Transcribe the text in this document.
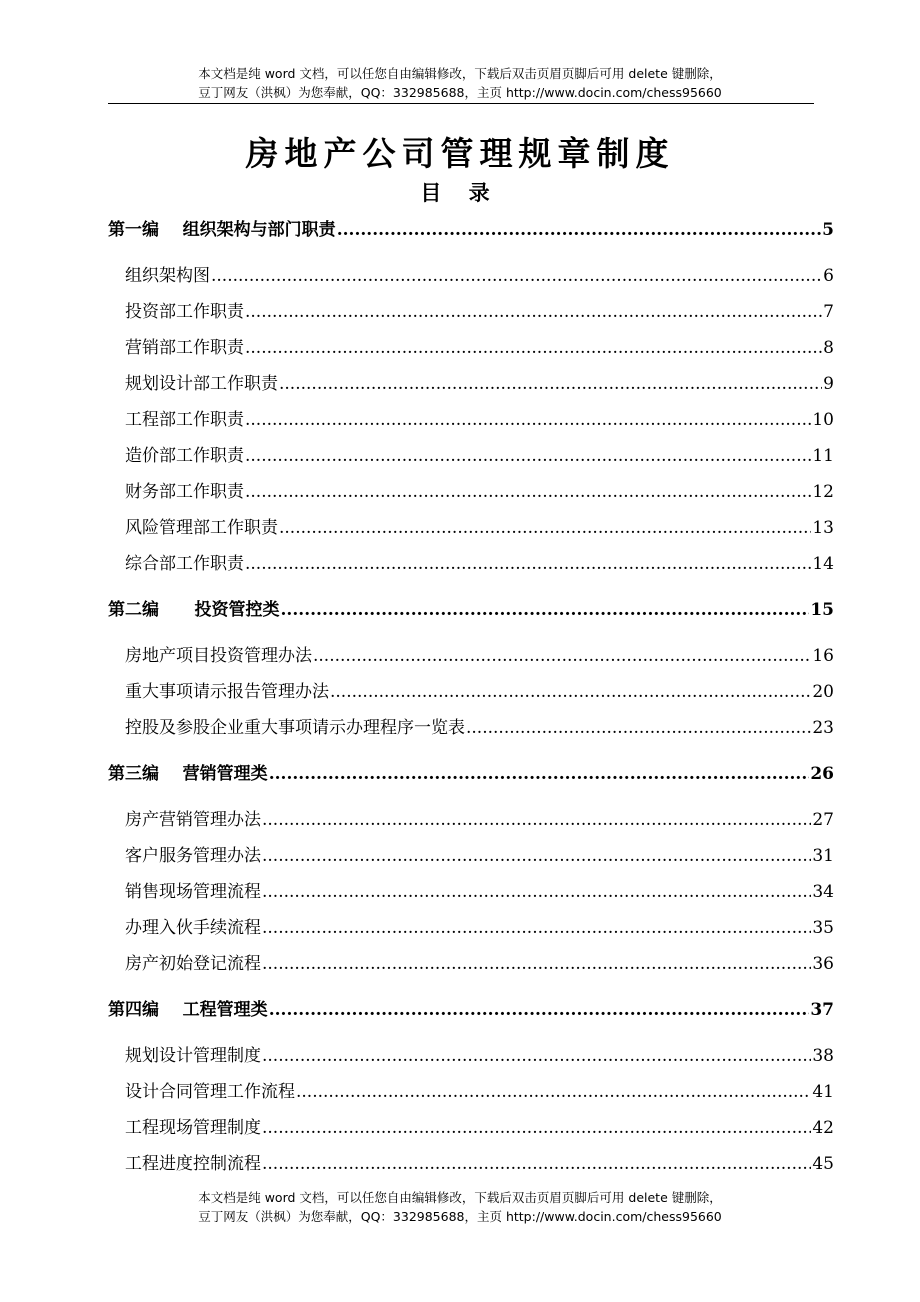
本文档是纯 word 文档，可以任您自由编辑修改，下载后双击页眉页脚后可用 delete 键删除，
豆丁网友（洪枫）为您奉献，QQ：332985688，主页 http://www.docin.com/chess95660
房地产公司管理规章制度
目 录
第一编    组织架构与部门职责 .....	5
组织架构图 .....	6
投资部工作职责 .....	7
营销部工作职责 .....	8
规划设计部工作职责 .....	9
工程部工作职责 .....	10
造价部工作职责 .....	11
财务部工作职责 .....	12
风险管理部工作职责 .....	13
综合部工作职责 .....	14
第二编      投资管控类 .....	15
房地产项目投资管理办法 .....	16
重大事项请示报告管理办法 .....	20
控股及参股企业重大事项请示办理程序一览表 .....	23
第三编    营销管理类 .....	26
房产营销管理办法 .....	27
客户服务管理办法 .....	31
销售现场管理流程 .....	34
办理入伙手续流程 .....	35
房产初始登记流程 .....	36
第四编    工程管理类 .....	37
规划设计管理制度 .....	38
设计合同管理工作流程 .....	41
工程现场管理制度 .....	42
工程进度控制流程 .....	45
本文档是纯 word 文档，可以任您自由编辑修改，下载后双击页眉页脚后可用 delete 键删除，
豆丁网友（洪枫）为您奉献，QQ：332985688，主页 http://www.docin.com/chess95660
